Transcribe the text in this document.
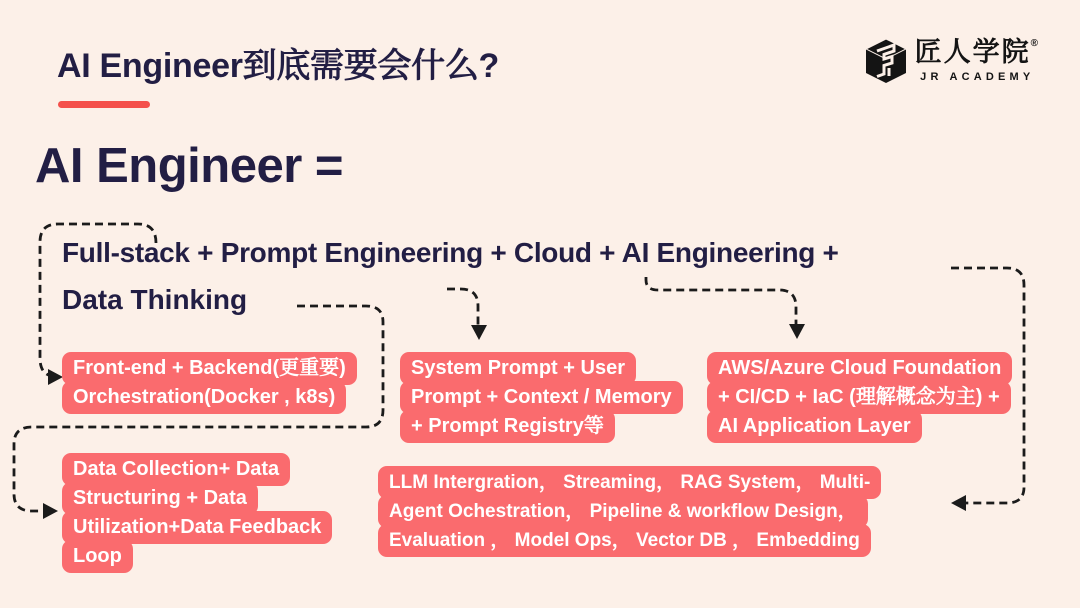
AI Engineer到底需要会什么?	匠人学院®
JR ACADEMY
AI Engineer =
Full-stack + Prompt Engineering + Cloud + AI Engineering +
Data Thinking
Front-end + Backend(更重要)
Orchestration(Docker , k8s)
System Prompt + User
Prompt + Context / Memory
+ Prompt Registry等
AWS/Azure Cloud Foundation
+ CI/CD + IaC (理解概念为主) +
AI Application Layer
Data Collection+ Data
Structuring + Data
Utilization+Data Feedback
Loop
LLM Intergration， Streaming， RAG System， Multi-
Agent Ochestration， Pipeline & workflow Design，
Evaluation ， Model Ops， Vector DB ， Embedding
